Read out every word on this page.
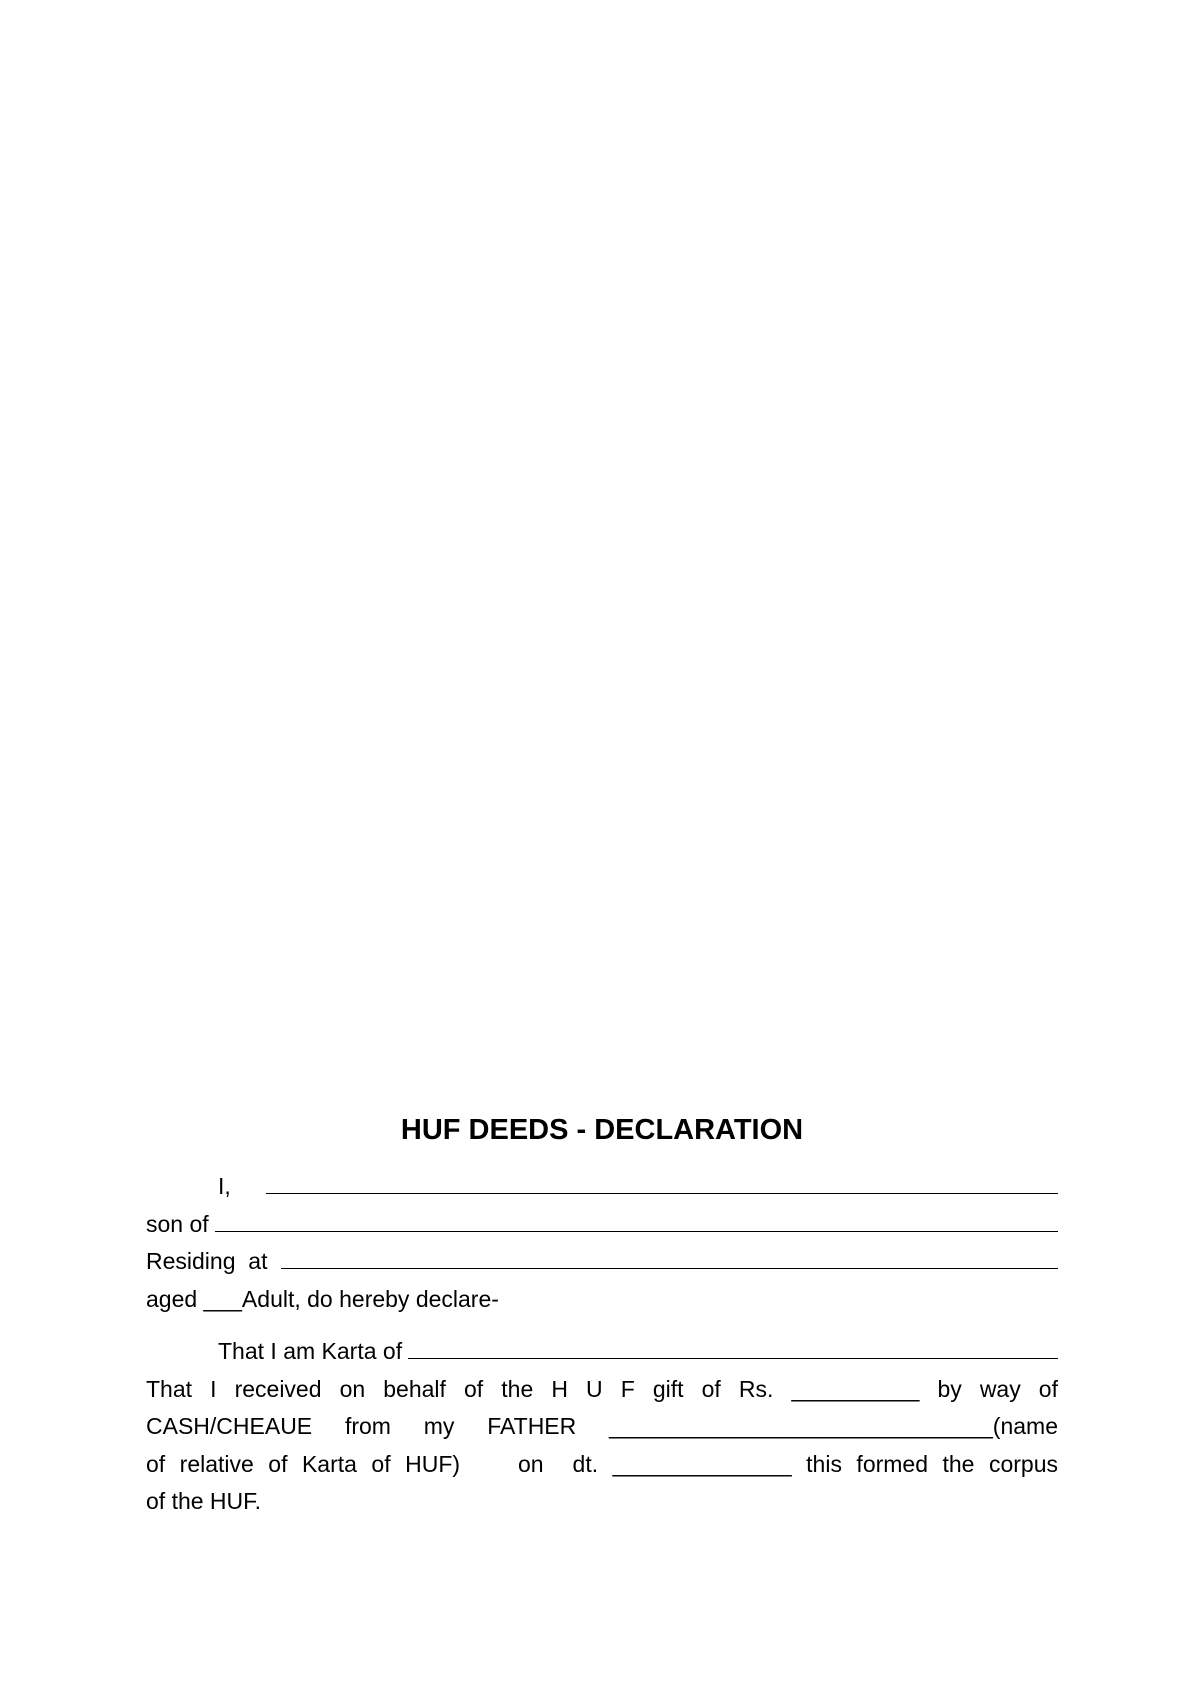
HUF DEEDS - DECLARATION
I,
son of
Residing  at
aged ___Adult, do hereby declare-
That I am Karta of
That  I  received  on  behalf  of  the  H  U  F  gift  of  Rs.  __________  by  way  of
CASH/CHEAUE  from  my  FATHER  ______________________________(name
of relative of Karta of HUF)    on  dt. ______________ this formed the corpus
of the HUF.
